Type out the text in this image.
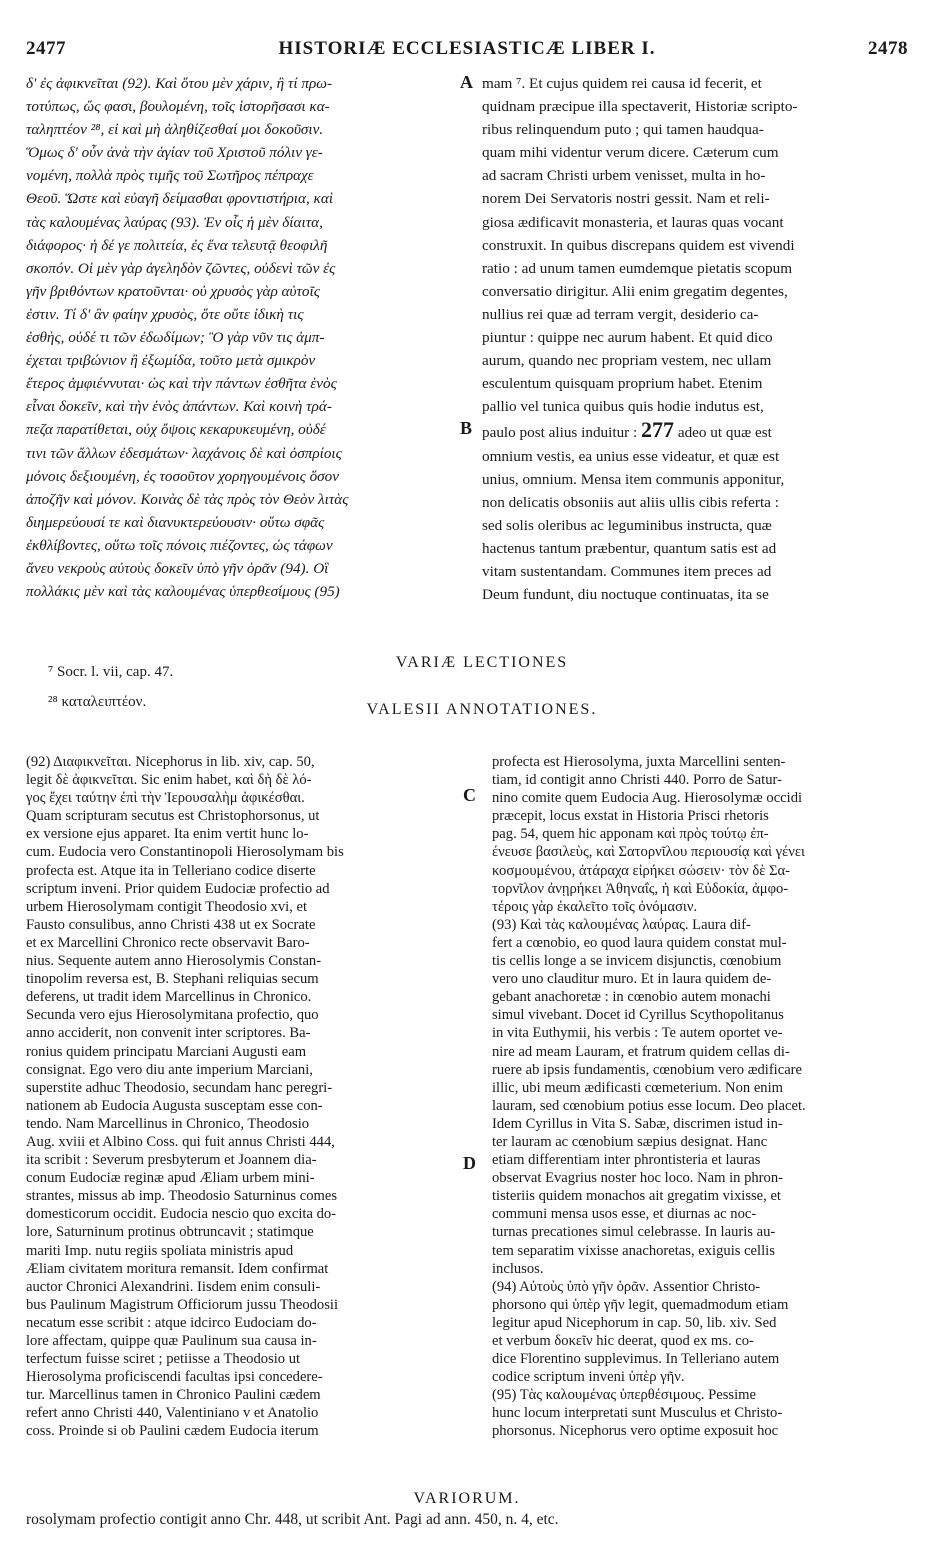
2477	HISTORIÆ ECCLESIASTICÆ LIBER I.	2478
δ' ἐς ἀφικνεῖται (92). Καὶ ὅτου μὲν χάριν, ἢ τί πρω-
τοτύπως, ὥς φασι, βουλομένη, τοῖς ἱστορῆσασι κα-
ταληπτέον ²⁸, εἰ καὶ μὴ ἀληθίζεσθαί μοι δοκοῦσιν.
Ὅμως δ' οὖν ἀνὰ τὴν ἁγίαν τοῦ Χριστοῦ πόλιν γε-
νομένη, πολλὰ πρὸς τιμῆς τοῦ Σωτῆρος πέπραχε
Θεοῦ. Ὥστε καὶ εὐαγῆ δείμασθαι φροντιστήρια, καὶ
τὰς καλουμένας λαύρας (93). Ἐν οἷς ἡ μὲν δίαιτα,
διάφορος· ἡ δέ γε πολιτεία, ἐς ἕνα τελευτᾷ θεοφιλῆ
σκοπόν. Οἱ μὲν γὰρ ἀγεληδὸν ζῶντες, οὐδενὶ τῶν ἐς
γῆν βριθόντων κρατοῦνται· οὐ χρυσὸς γὰρ αὐτοῖς
ἐστιν. Τί δ' ἂν φαίην χρυσὸς, ὅτε οὔτε ἰδικὴ τις
ἐσθὴς, οὐδέ τι τῶν ἐδωδίμων; Ὃ γὰρ νῦν τις ἀμπ-
έχεται τριβώνιον ἢ ἐξωμίδα, τοῦτο μετὰ σμικρὸν
ἕτερος ἀμφιέννυται· ὡς καὶ τὴν πάντων ἐσθῆτα ἑνὸς
εἶναι δοκεῖν, καὶ τὴν ἑνὸς ἁπάντων. Καὶ κοινὴ τρά-
πεζα παρατίθεται, οὐχ ὄψοις κεκαρυκευμένη, οὐδέ
τινι τῶν ἄλλων ἐδεσμάτων· λαχάνοις δὲ καὶ ὀσπρίοις
μόνοις δεξιουμένη, ἐς τοσοῦτον χορηγουμένοις ὅσον
ἀποζῆν καὶ μόνον. Κοινὰς δὲ τὰς πρὸς τὸν Θεὸν λιτὰς
διημερεύουσί τε καὶ διανυκτερεύουσιν· οὕτω σφᾶς
ἐκθλίβοντες, οὕτω τοῖς πόνοις πιέζοντες, ὡς τάφων
ἄνευ νεκροὺς αὐτοὺς δοκεῖν ὑπὸ γῆν ὁρᾶν (94). Οἳ
πολλάκις μὲν καὶ τὰς καλουμένας ὑπερθεσίμους (95)
A
B
mam ⁷. Et cujus quidem rei causa id fecerit, et
quidnam præcipue illa spectaverit, Historiæ scripto-
ribus relinquendum puto ; qui tamen haudqua-
quam mihi videntur verum dicere. Cæterum cum
ad sacram Christi urbem venisset, multa in ho-
norem Dei Servatoris nostri gessit. Nam et reli-
giosa ædificavit monasteria, et lauras quas vocant
construxit. In quibus discrepans quidem est vivendi
ratio : ad unum tamen eumdemque pietatis scopum
conversatio dirigitur. Alii enim gregatim degentes,
nullius rei quæ ad terram vergit, desiderio ca-
piuntur : quippe nec aurum habent. Et quid dico
aurum, quando nec propriam vestem, nec ullam
esculentum quisquam proprium habet. Etenim
pallio vel tunica quibus quis hodie indutus est,
paulo post alius induitur : 277 adeo ut quæ est
omnium vestis, ea unius esse videatur, et quæ est
unius, omnium. Mensa item communis apponitur,
non delicatis obsoniis aut aliis ullis cibis referta :
sed solis oleribus ac leguminibus instructa, quæ
hactenus tantum præbentur, quantum satis est ad
vitam sustentandam. Communes item preces ad
Deum fundunt, diu noctuque continuatas, ita se
⁷ Socr. l. vii, cap. 47.
VARIÆ LECTIONES
²⁸ καταλειπτέον.	VALESII ANNOTATIONES.
(92) Διαφικνεῖται. Nicephorus in lib. xiv, cap. 50,
legit δὲ ἀφικνεῖται. Sic enim habet, καὶ δὴ δὲ λό-
γος ἔχει ταύτην ἐπὶ τὴν Ἱερουσαλὴμ ἀφικέσθαι.
Quam scripturam secutus est Christophorsonus, ut
ex versione ejus apparet. Ita enim vertit hunc lo-
cum. Eudocia vero Constantinopoli Hierosolymam bis
profecta est. Atque ita in Telleriano codice diserte
scriptum inveni. Prior quidem Eudociæ profectio ad
urbem Hierosolymam contigit Theodosio xvi, et
Fausto consulibus, anno Christi 438 ut ex Socrate
et ex Marcellini Chronico recte observavit Baro-
nius. Sequente autem anno Hierosolymis Constan-
tinopolim reversa est, B. Stephani reliquias secum
deferens, ut tradit idem Marcellinus in Chronico.
Secunda vero ejus Hierosolymitana profectio, quo
anno acciderit, non convenit inter scriptores. Ba-
ronius quidem principatu Marciani Augusti eam
consignat. Ego vero diu ante imperium Marciani,
superstite adhuc Theodosio, secundam hanc peregri-
nationem ab Eudocia Augusta susceptam esse con-
tendo. Nam Marcellinus in Chronico, Theodosio
Aug. xviii et Albino Coss. qui fuit annus Christi 444,
ita scribit : Severum presbyterum et Joannem dia-
conum Eudociæ reginæ apud Æliam urbem mini-
strantes, missus ab imp. Theodosio Saturninus comes
domesticorum occidit. Eudocia nescio quo excita do-
lore, Saturninum protinus obtruncavit ; statimque
mariti Imp. nutu regiis spoliata ministris apud
Æliam civitatem moritura remansit. Idem confirmat
auctor Chronici Alexandrini. Iisdem enim consuli-
bus Paulinum Magistrum Officiorum jussu Theodosii
necatum esse scribit : atque idcirco Eudociam do-
lore affectam, quippe quæ Paulinum sua causa in-
terfectum fuisse sciret ; petiisse a Theodosio ut
Hierosolyma proficiscendi facultas ipsi concedere-
tur. Marcellinus tamen in Chronico Paulini cædem
refert anno Christi 440, Valentiniano v et Anatolio
coss. Proinde si ob Paulini cædem Eudocia iterum
C
D
profecta est Hierosolyma, juxta Marcellini senten-
tiam, id contigit anno Christi 440. Porro de Satur-
nino comite quem Eudocia Aug. Hierosolymæ occidi
præcepit, locus exstat in Historia Prisci rhetoris
pag. 54, quem hic apponam καὶ πρὸς τούτῳ ἐπ-
ένευσε βασιλεὺς, καὶ Σατορνῖλου περιουσίᾳ καὶ γένει
κοσμουμένου, ἀτάραχα εἰρήκει σώσειν· τὸν δὲ Σα-
τορνῖλον ἀνῃρήκει Ἀθηναΐς, ἡ καὶ Εὐδοκία, ἀμφο-
τέροις γὰρ ἐκαλεῖτο τοῖς ὀνόμασιν.
(93) Καὶ τὰς καλουμένας λαύρας. Laura dif-
fert a cœnobio, eo quod laura quidem constat mul-
tis cellis longe a se invicem disjunctis, cœnobium
vero uno clauditur muro. Et in laura quidem de-
gebant anachoretæ : in cœnobio autem monachi
simul vivebant. Docet id Cyrillus Scythopolitanus
in vita Euthymii, his verbis : Te autem oportet ve-
nire ad meam Lauram, et fratrum quidem cellas di-
ruere ab ipsis fundamentis, cœnobium vero ædificare
illic, ubi meum ædificasti cœmeterium. Non enim
lauram, sed cœnobium potius esse locum. Deo placet.
Idem Cyrillus in Vita S. Sabæ, discrimen istud in-
ter lauram ac cœnobium sæpius designat. Hanc
etiam differentiam inter phrontisteria et lauras
observat Evagrius noster hoc loco. Nam in phron-
tisteriis quidem monachos ait gregatim vixisse, et
communi mensa usos esse, et diurnas ac noc-
turnas precationes simul celebrasse. In lauris au-
tem separatim vixisse anachoretas, exiguis cellis
inclusos.
(94) Αὐτοὺς ὑπὸ γῆν ὁρᾶν. Assentior Christo-
phorsono qui ὑπὲρ γῆν legit, quemadmodum etiam
legitur apud Nicephorum in cap. 50, lib. xiv. Sed
et verbum δοκεῖν hic deerat, quod ex ms. co-
dice Florentino supplevimus. In Telleriano autem
codice scriptum inveni ὑπὲρ γῆν.
(95) Τὰς καλουμένας ὑπερθέσιμους. Pessime
hunc locum interpretati sunt Musculus et Christo-
phorsonus. Nicephorus vero optime exposuit hoc
VARIORUM.
rosolymam profectio contigit anno Chr. 448, ut scribit Ant. Pagi ad ann. 450, n. 4, etc.
